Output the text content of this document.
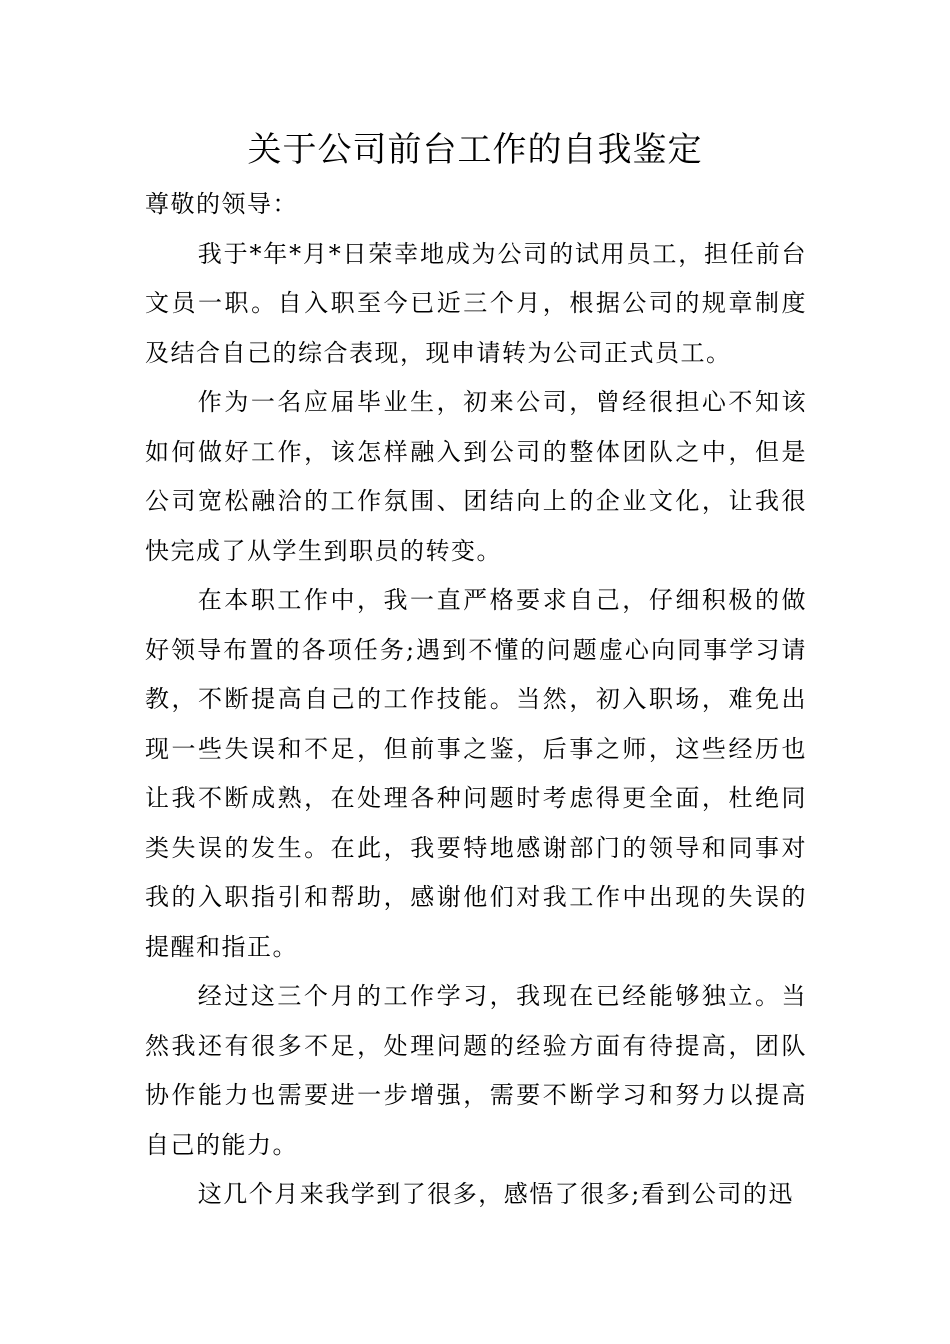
关于公司前台工作的自我鉴定

尊敬的领导：

我于*年*月*日荣幸地成为公司的试用员工，担任前台文员一职。自入职至今已近三个月，根据公司的规章制度及结合自己的综合表现，现申请转为公司正式员工。

作为一名应届毕业生，初来公司，曾经很担心不知该如何做好工作，该怎样融入到公司的整体团队之中，但是公司宽松融洽的工作氛围、团结向上的企业文化，让我很快完成了从学生到职员的转变。

在本职工作中，我一直严格要求自己，仔细积极的做好领导布置的各项任务;遇到不懂的问题虚心向同事学习请教，不断提高自己的工作技能。当然，初入职场，难免出现一些失误和不足，但前事之鉴，后事之师，这些经历也让我不断成熟，在处理各种问题时考虑得更全面，杜绝同类失误的发生。在此，我要特地感谢部门的领导和同事对我的入职指引和帮助，感谢他们对我工作中出现的失误的提醒和指正。

经过这三个月的工作学习，我现在已经能够独立。当然我还有很多不足，处理问题的经验方面有待提高，团队协作能力也需要进一步增强，需要不断学习和努力以提高自己的能力。

这几个月来我学到了很多，感悟了很多;看到公司的迅
